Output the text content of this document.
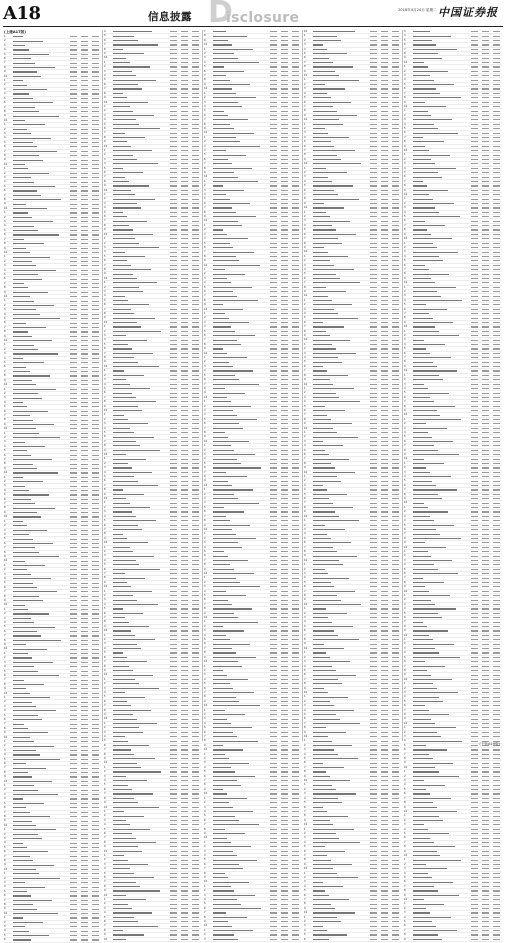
A18	信息披露 D
isclosure	2018年4月24日 星期二 中国证券报
(上接A17版)
1
2
3
4
5
6
7
8
9
10
1
2
3
4
5
6
7
8
9
10
1
2
3
4
5
6
7
8
9
10
1
2
3
4
5
6
7
8
9
10
1
2
3
4
5
6
7
8
9
10
1
2
3
4
5
6
7
8
9
10
1
2
3
4
5
6
7
8
9
10
1
2
3
4
5
6
7
8
9
10
1
2
3
4
5
6
7
8
9
10
1
2
3
4
5
6
7
8
9
10
1
2
3
4
5
6
7
8
9
10
1
2
3
4
5
6
7
8
9
10
1
2
3
4
5
6
7
8
9
10
1
2
3
4
5
6
7
8
9
10
1
2
3
4
5
6
7
8
9
10
1
2
3
4
5
6
7
8
9
10
1
2
3
4
5
6
7
8
9
10
1
2
3
4
5
6
7
8
9
10
1
2
3
4
5
6
7
8
9
10
1
2
3
4
5
6
7
8
9
10
1
2
3
4
5
6
4
5
6
7
8
9
10
1
2
3
4
5
6
7
8
9
10
1
2
3
4
5
6
7
8
9
10
1
2
3
4
5
6
7
8
9
10
1
2
3
4
5
6
7
8
9
10
1
2
3
4
5
6
7
8
9
10
1
2
3
4
5
6
7
8
9
10
1
2
3
4
5
6
7
8
9
10
1
2
3
4
5
6
7
8
9
10
1
2
3
4
5
6
7
8
9
10
1
2
3
4
5
6
7
8
9
10
1
2
3
4
5
6
7
8
9
10
1
2
3
4
5
6
7
8
9
10
1
2
3
4
5
6
7
8
9
10
1
2
3
4
5
6
7
8
9
10
1
2
3
4
5
6
7
8
9
10
1
2
3
4
5
6
7
8
9
10
1
2
3
4
5
6
7
8
9
10
1
2
3
4
5
6
7
8
9
10
1
2
3
4
5
6
7
8
9
10
1
2
3
4
5
6
7
8
9
10
7
8
9
10
1
2
3
4
5
6
7
8
9
10
1
2
3
4
5
6
7
8
9
10
1
2
3
4
5
6
7
8
9
10
1
2
3
4
5
6
7
8
9
10
1
2
3
4
5
6
7
8
9
10
1
2
3
4
5
6
7
8
9
10
1
2
3
4
5
6
7
8
9
10
1
2
3
4
5
6
7
8
9
10
1
2
3
4
5
6
7
8
9
10
1
2
3
4
5
6
7
8
9
10
1
2
3
4
5
6
7
8
9
10
1
2
3
4
5
6
7
8
9
10
1
2
3
4
5
6
7
8
9
10
1
2
3
4
5
6
7
8
9
10
1
2
3
4
5
6
7
8
9
10
1
2
3
4
5
6
7
8
9
10
1
2
3
4
5
6
7
8
9
10
1
2
3
4
5
6
7
8
9
10
1
2
3
4
5
6
7
8
9
10
1
2
3
4
5
6
7
8
9
10
1
2
3
10
1
2
3
4
5
6
7
8
9
10
1
2
3
4
5
6
7
8
9
10
1
2
3
4
5
6
7
8
9
10
1
2
3
4
5
6
7
8
9
10
1
2
3
4
5
6
7
8
9
10
1
2
3
4
5
6
7
8
9
10
1
2
3
4
5
6
7
8
9
10
1
2
3
4
5
6
7
8
9
10
1
2
3
4
5
6
7
8
9
10
1
2
3
4
5
6
7
8
9
10
1
2
3
4
5
6
7
8
9
10
1
2
3
4
5
6
7
8
9
10
1
2
3
4
5
6
7
8
9
10
1
2
3
4
5
6
7
8
9
10
1
2
3
4
5
6
7
8
9
10
1
2
3
4
5
6
7
8
9
10
1
2
3
4
5
6
7
8
9
10
1
2
3
4
5
6
7
8
9
10
1
2
3
4
5
6
7
8
9
10
1
2
3
4
5
6
7
8
9
10
1
2
3
4
5
6
3
4
5
6
7
8
9
10
1
2
3
4
5
6
7
8
9
10
1
2
3
4
5
6
7
8
9
10
1
2
3
4
5
6
7
8
9
10
1
2
3
4
5
6
7
8
9
10
1
2
3
4
5
6
7
8
9
10
1
2
3
4
5
6
7
8
9
10
1
2
3
4
5
6
7
8
9
10
1
2
3
4
5
6
7
8
9
10
1
2
3
4
5
6
7
8
9
10
1
2
3
4
5
6
7
8
9
10
1
2
3
4
5
6
7
8
9
10
1
2
3
4
5
6
7
8
9
10
1
2
3
4
5
6
7
8
9
10
1
2
3
4
5
6
7
8
9
10
1
2
3
4
5
6
7
8
9
10
1
2
3
4
5
6
7
8
9
10
1
2
3
4
5
6
7
8
9
10
1
2
3
4
5
6
7
8
9
10
1
2
3
4
5
6
7
8
9
10
1
2
3
4
5
6
7
8
9
(下转A19版)
